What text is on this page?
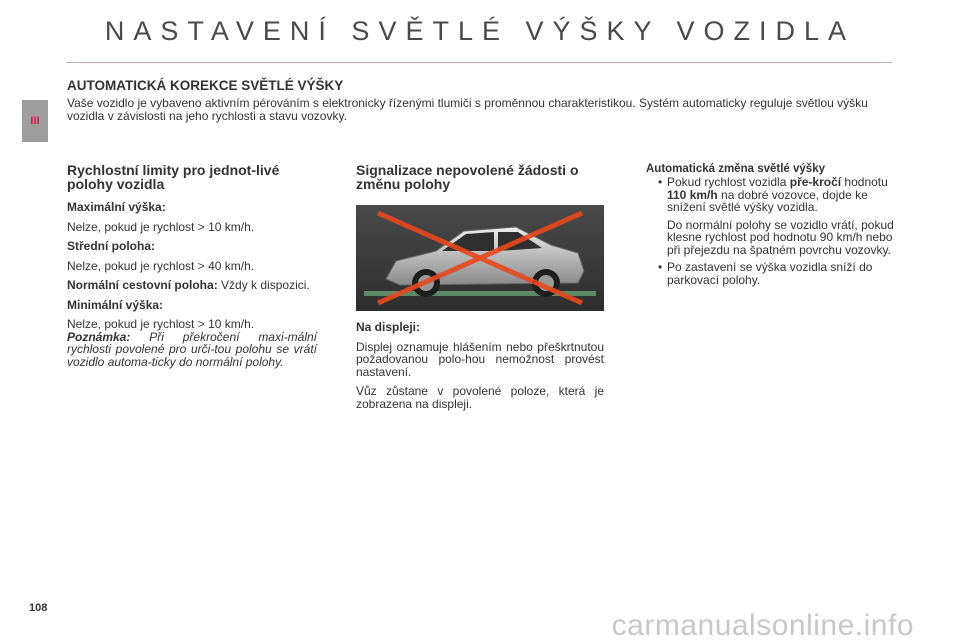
NASTAVENÍ SVĚTLÉ VÝŠKY VOZIDLA
III
AUTOMATICKÁ KOREKCE SVĚTLÉ VÝŠKY
Vaše vozidlo je vybaveno aktivním pérováním s elektronicky řízenými tlumiči s proměnnou charakteristikou. Systém automaticky reguluje světlou výšku vozidla v závislosti na jeho rychlosti a stavu vozovky.
Rychlostní limity pro jednot-livé polohy vozidla
Maximální výška:
Nelze, pokud je rychlost > 10 km/h.
Střední poloha:
Nelze, pokud je rychlost > 40 km/h.
Normální cestovní poloha: Vždy k dispozici.
Minimální výška:
Nelze, pokud je rychlost > 10 km/h.
Poznámka: Při překročení maxi-mální rychlosti povolené pro urči-tou polohu se vrátí vozidlo automa-ticky do normální polohy.
Signalizace nepovolené žádosti o změnu polohy
Na displeji:
Displej oznamuje hlášením nebo přeškrtnutou požadovanou polo-hou nemožnost provést nastavení.
Vůz zůstane v povolené poloze, která je zobrazena na displeji.
Automatická změna světlé výšky
• Pokud rychlost vozidla pře-kročí hodnotu 110 km/h na dobré vozovce, dojde ke snížení světlé výšky vozidla.
Do normální polohy se vozidlo vrátí, pokud klesne rychlost pod hodnotu 90 km/h nebo při přejezdu na špatném povrchu vozovky.
• Po zastavení se výška vozidla sníží do parkovací polohy.
108
carmanualsonline.info
